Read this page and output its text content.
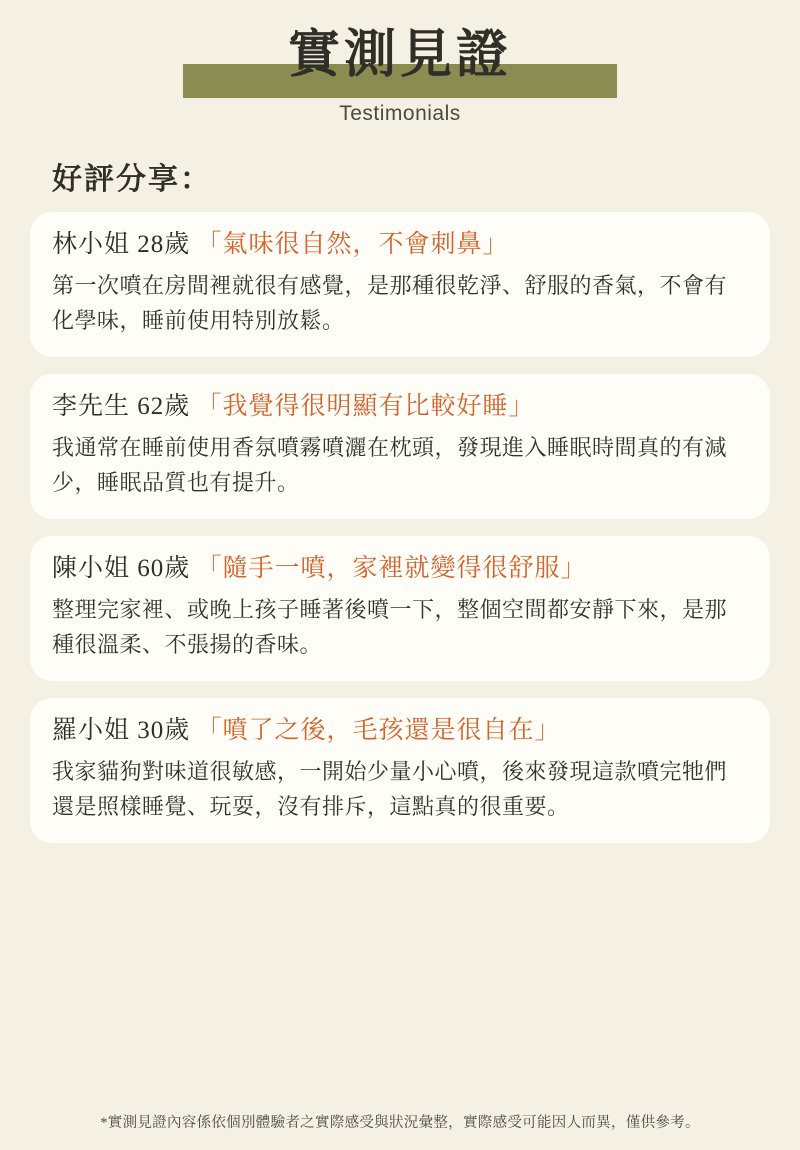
實測見證
Testimonials
好評分享：
林小姐 28歲 「氣味很自然，不會刺鼻」
第一次噴在房間裡就很有感覺，是那種很乾淨、舒服的香氣，不會有化學味，睡前使用特別放鬆。
李先生 62歲 「我覺得很明顯有比較好睡」
我通常在睡前使用香氛噴霧噴灑在枕頭，發現進入睡眠時間真的有減少，睡眠品質也有提升。
陳小姐 60歲 「隨手一噴，家裡就變得很舒服」
整理完家裡、或晚上孩子睡著後噴一下，整個空間都安靜下來，是那種很溫柔、不張揚的香味。
羅小姐 30歲 「噴了之後，毛孩還是很自在」
我家貓狗對味道很敏感，一開始少量小心噴，後來發現這款噴完牠們還是照樣睡覺、玩耍，沒有排斥，這點真的很重要。
*實測見證內容係依個別體驗者之實際感受與狀況彙整，實際感受可能因人而異，僅供參考。
